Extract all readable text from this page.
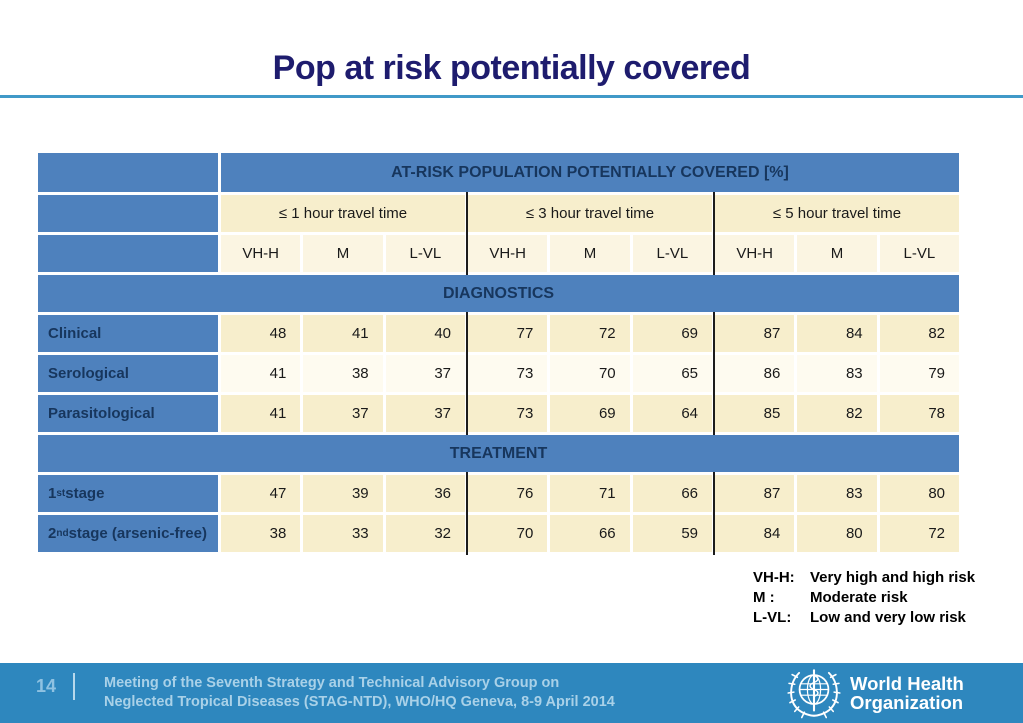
Pop at risk potentially covered
AT-RISK POPULATION POTENTIALLY COVERED [%]
≤ 1 hour travel time	≤ 3 hour travel time	≤ 5 hour travel time
VH-H	M	L-VL	VH-H	M	L-VL	VH-H	M	L-VL
DIAGNOSTICS
Clinical	48	41	40	77	72	69	87	84	82
Serological	41	38	37	73	70	65	86	83	79
Parasitological	41	37	37	73	69	64	85	82	78
TREATMENT
1 st stage	47	39	36	76	71	66	87	83	80
2 nd stage (arsenic-free)	38	33	32	70	66	59	84	80	72
VH-H:	Very high and high risk
M :	Moderate risk
L-VL:	Low and very low risk
14	Meeting of the Seventh Strategy and Technical Advisory Group on
Neglected Tropical Diseases (STAG-NTD), WHO/HQ Geneva, 8-9 April 2014
World Health
Organization
